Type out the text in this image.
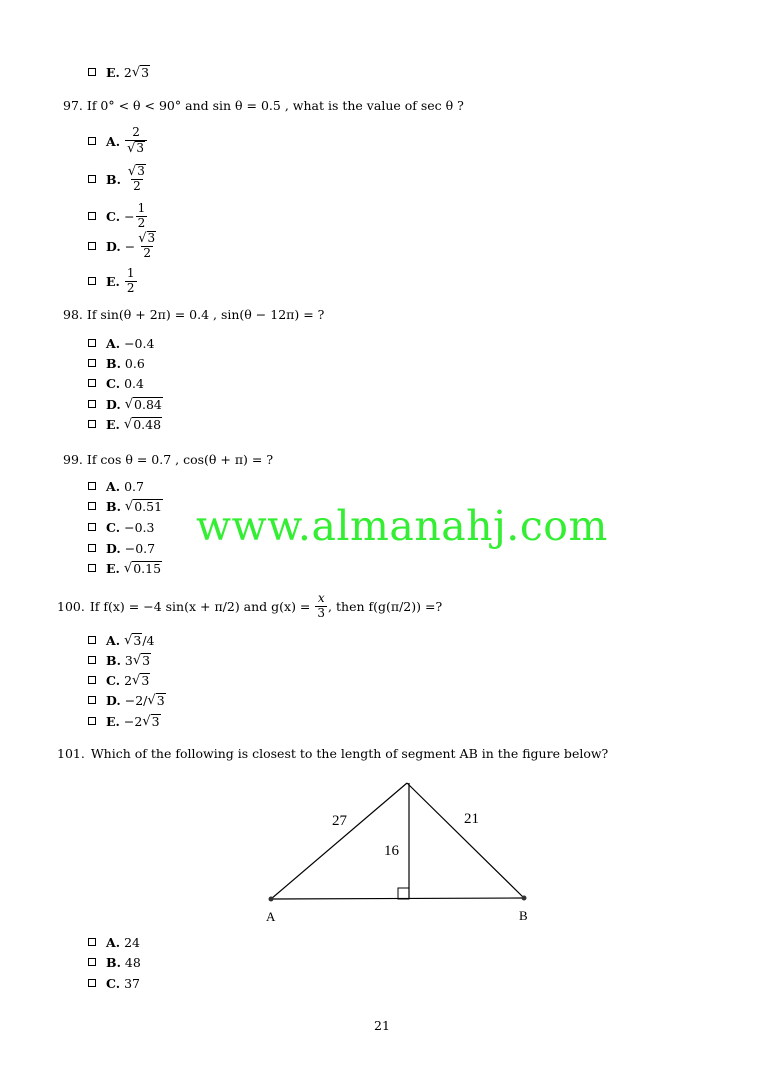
E. 2 √ 3
97. If 0° < θ < 90° and sin θ = 0.5 , what is the value of sec θ ?
A. $\frac{2}{√ 3}$
B. $\frac{√ 3}{2}$
C. − $\frac{1}{2}$
D. − $\frac{√ 3}{2}$
E. $\frac{1}{2}$
98. If sin(θ + 2π) = 0.4 , sin(θ − 12π) = ?
A. −0.4
B. 0.6
C. 0.4
D. √ 0.84
E. √ 0.48
99. If cos θ = 0.7 , cos(θ + π) = ?
A. 0.7
B. √ 0.51
C. −0.3
D. −0.7
E. √ 0.15
www.almanahj.com
100. If f(x) = −4 sin(x + π/2) and $g(x) = \frac{x}{3}$ , then f(g(π/2)) =?
A. √ 3 /4
B. 3 √ 3
C. 2 √ 3
D. −2/ √ 3
E. −2 √ 3
101. Which of the following is closest to the length of segment AB in the figure below?
27	21
16
A	B
A. 24
B. 48
C. 37
21
